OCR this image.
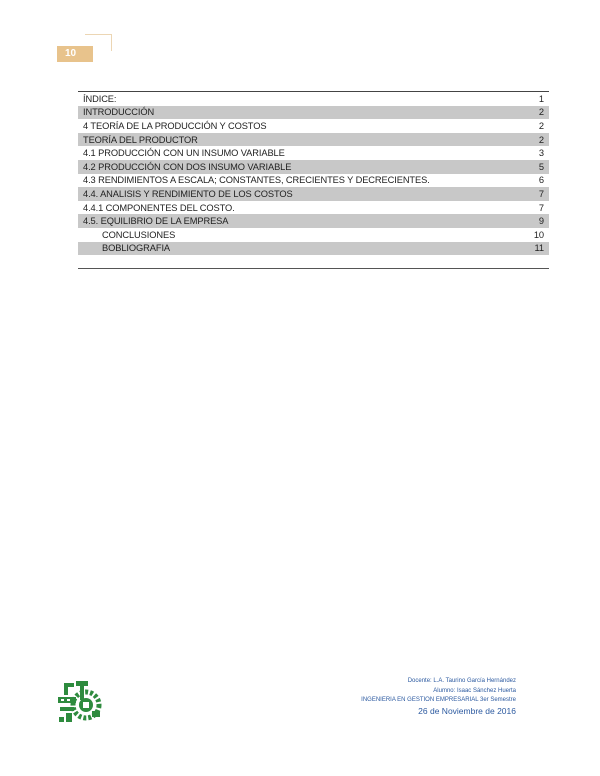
10
ÍNDICE:	1
INTRODUCCIÓN	2
4 TEORÍA DE LA PRODUCCIÓN Y COSTOS	2
TEORÍA DEL PRODUCTOR	2
4.1 PRODUCCIÓN CON UN INSUMO VARIABLE	3
4.2 PRODUCCIÓN CON DOS INSUMO VARIABLE	5
4.3 RENDIMIENTOS A ESCALA; CONSTANTES, CRECIENTES Y DECRECIENTES.	6
4.4. ANALISIS Y RENDIMIENTO DE LOS COSTOS	7
4.4.1 COMPONENTES DEL COSTO.	7
4.5. EQUILIBRIO DE LA EMPRESA	9
CONCLUSIONES	10
BOBLIOGRAFIA	11
Docente: L.A. Taurino García Hernández
Alumno: Isaac Sánchez Huerta
INGENIERIA EN GESTION EMPRESARIAL 3er Semestre
26 de Noviembre de 2016
